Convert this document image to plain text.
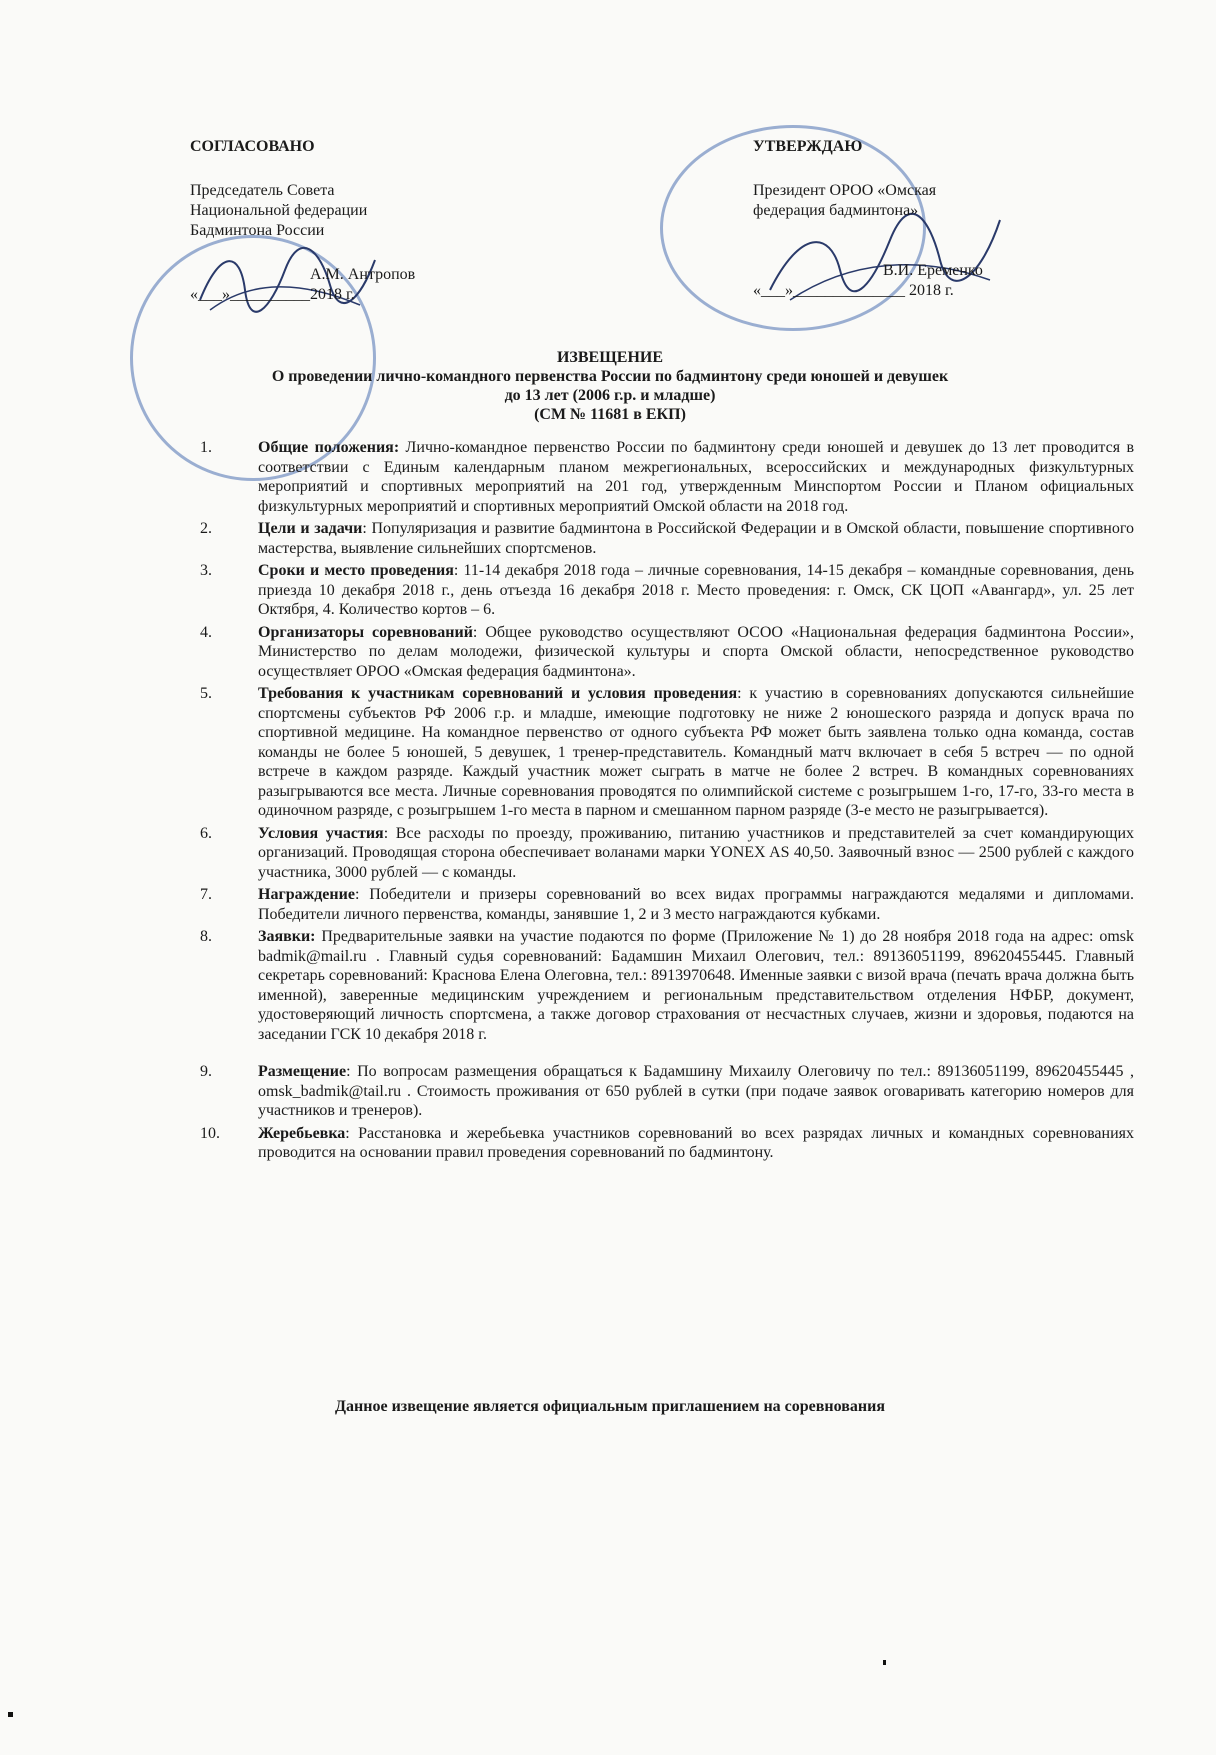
СОГЛАСОВАНО
Председатель Совета
Национальной федерации
Бадминтона России
А.М. Антропов
«___»__________2018 г.
УТВЕРЖДАЮ
Президент ОРОО «Омская
федерация бадминтона»
В.И. Еременко
«___»______________ 2018 г.
ИЗВЕЩЕНИЕ
О проведении лично-командного первенства России по бадминтону среди юношей и девушек
до 13 лет (2006 г.р. и младше)
(СМ № 11681 в ЕКП)
1.	Общие положения: Лично-командное первенство России по бадминтону среди юношей и девушек до 13 лет проводится в соответствии с Единым календарным планом межрегиональных, всероссийских и международных физкультурных мероприятий и спортивных мероприятий на 201 год, утвержденным Минспортом России и Планом официальных физкультурных мероприятий и спортивных мероприятий Омской области на 2018 год.
2.	Цели и задачи: Популяризация и развитие бадминтона в Российской Федерации и в Омской области, повышение спортивного мастерства, выявление сильнейших спортсменов.
3.	Сроки и место проведения: 11-14 декабря 2018 года – личные соревнования, 14-15 декабря – командные соревнования, день приезда 10 декабря 2018 г., день отъезда 16 декабря 2018 г. Место проведения: г. Омск, СК ЦОП «Авангард», ул. 25 лет Октября, 4. Количество кортов – 6.
4.	Организаторы соревнований: Общее руководство осуществляют ОСОО «Национальная федерация бадминтона России», Министерство по делам молодежи, физической культуры и спорта Омской области, непосредственное руководство осуществляет ОРОО «Омская федерация бадминтона».
5.	Требования к участникам соревнований и условия проведения: к участию в соревнованиях допускаются сильнейшие спортсмены субъектов РФ 2006 г.р. и младше, имеющие подготовку не ниже 2 юношеского разряда и допуск врача по спортивной медицине. На командное первенство от одного субъекта РФ может быть заявлена только одна команда, состав команды не более 5 юношей, 5 девушек, 1 тренер-представитель. Командный матч включает в себя 5 встреч — по одной встрече в каждом разряде. Каждый участник может сыграть в матче не более 2 встреч. В командных соревнованиях разыгрываются все места. Личные соревнования проводятся по олимпийской системе с розыгрышем 1-го, 17-го, 33-го места в одиночном разряде, с розыгрышем 1-го места в парном и смешанном парном разряде (3-е место не разыгрывается).
6.	Условия участия: Все расходы по проезду, проживанию, питанию участников и представителей за счет командирующих организаций. Проводящая сторона обеспечивает воланами марки YONEX AS 40,50. Заявочный взнос — 2500 рублей с каждого участника, 3000 рублей — с команды.
7.	Награждение: Победители и призеры соревнований во всех видах программы награждаются медалями и дипломами. Победители личного первенства, команды, занявшие 1, 2 и 3 место награждаются кубками.
8.	Заявки: Предварительные заявки на участие подаются по форме (Приложение № 1) до 28 ноября 2018 года на адрес: omsk badmik@mail.ru . Главный судья соревнований: Бадамшин Михаил Олегович, тел.: 89136051199, 89620455445. Главный секретарь соревнований: Краснова Елена Олеговна, тел.: 8913970648. Именные заявки с визой врача (печать врача должна быть именной), заверенные медицинским учреждением и региональным представительством отделения НФБР, документ, удостоверяющий личность спортсмена, а также договор страхования от несчастных случаев, жизни и здоровья, подаются на заседании ГСК 10 декабря 2018 г.
9.	Размещение: По вопросам размещения обращаться к Бадамшину Михаилу Олеговичу по тел.: 89136051199, 89620455445 , omsk_badmik@tail.ru . Стоимость проживания от 650 рублей в сутки (при подаче заявок оговаривать категорию номеров для участников и тренеров).
10.	Жеребьевка: Расстановка и жеребьевка участников соревнований во всех разрядах личных и командных соревнованиях проводится на основании правил проведения соревнований по бадминтону.
Данное извещение является официальным приглашением на соревнования
